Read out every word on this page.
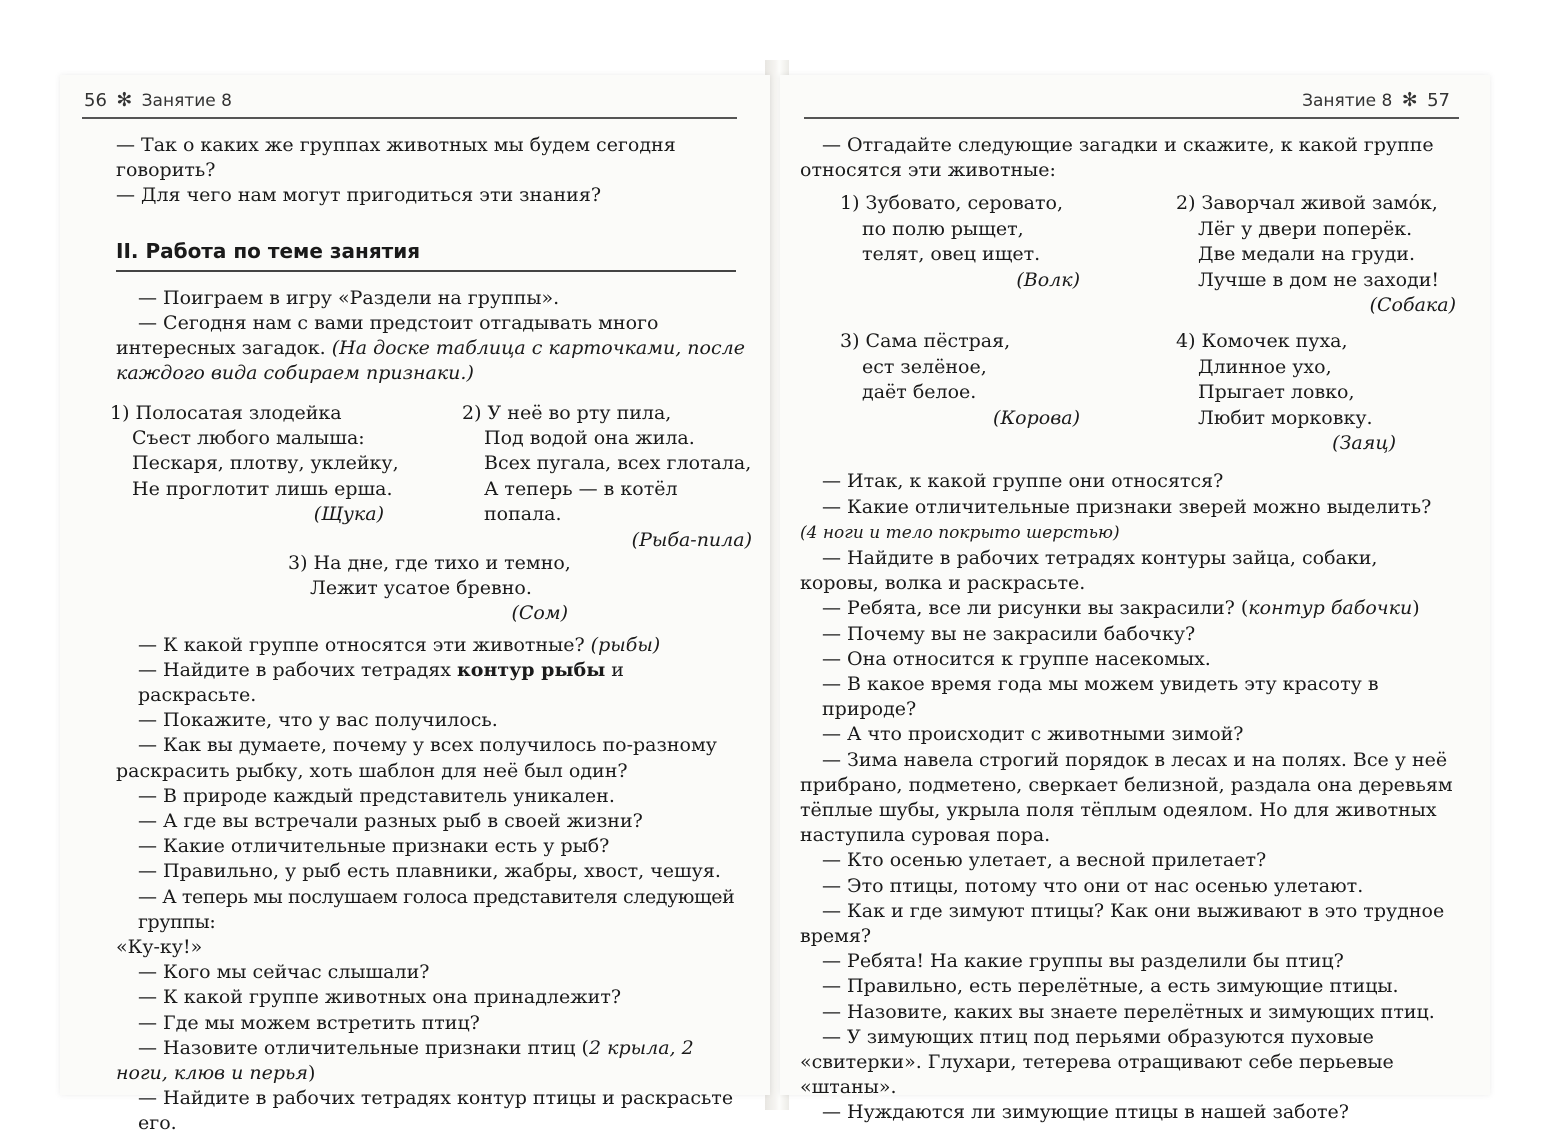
56 ✻ Занятие 8

— Так о каких же группах животных мы будем сегодня говорить?

— Для чего нам могут пригодиться эти знания?

II. Работа по теме занятия

— Поиграем в игру «Раздели на группы».

— Сегодня нам с вами предстоит отгадывать много интересных загадок. (На доске таблица с карточками, после каждого вида собираем признаки.)

1) Полосатая злодейка
Съест любого малыша:
Пескаря, плотву, уклейку,
Не проглотит лишь ерша.
(Щука)
2) У неё во рту пила,
Под водой она жила.
Всех пугала, всех глотала,
А теперь — в котёл попала.
(Рыба-пила)
3) На дне, где тихо и темно,
Лежит усатое бревно.
(Сом)

— К какой группе относятся эти животные? (рыбы)

— Найдите в рабочих тетрадях контур рыбы и раскрасьте.

— Покажите, что у вас получилось.

— Как вы думаете, почему у всех получилось по-разному раскрасить рыбку, хоть шаблон для неё был один?

— В природе каждый представитель уникален.

— А где вы встречали разных рыб в своей жизни?

— Какие отличительные признаки есть у рыб?

— Правильно, у рыб есть плавники, жабры, хвост, чешуя.

— А теперь мы послушаем голоса представителя следующей группы:

«Ку-ку!»

— Кого мы сейчас слышали?

— К какой группе животных она принадлежит?

— Где мы можем встретить птиц?

— Назовите отличительные признаки птиц (2 крыла, 2 ноги, клюв и перья)

— Найдите в рабочих тетрадях контур птицы и раскрасьте его.

Занятие 8 ✻ 57

— Отгадайте следующие загадки и скажите, к какой группе относятся эти животные:

1) Зубовато, серовато,
по полю рыщет,
телят, овец ищет.
(Волк)
2) Заворчал живой замо́к,
Лёг у двери поперёк.
Две медали на груди.
Лучше в дом не заходи!
(Собака)
3) Сама пёстрая,
ест зелёное,
даёт белое.
(Корова)
4) Комочек пуха,
Длинное ухо,
Прыгает ловко,
Любит морковку.
(Заяц)

— Итак, к какой группе они относятся?

— Какие отличительные признаки зверей можно выделить?

(4 ноги и тело покрыто шерстью)

— Найдите в рабочих тетрадях контуры зайца, собаки, коровы, волка и раскрасьте.

— Ребята, все ли рисунки вы закрасили? (контур бабочки)

— Почему вы не закрасили бабочку?

— Она относится к группе насекомых.

— В какое время года мы можем увидеть эту красоту в природе?

— А что происходит с животными зимой?

— Зима навела строгий порядок в лесах и на полях. Все у неё прибрано, подметено, сверкает белизной, раздала она деревьям тёплые шубы, укрыла поля тёплым одеялом. Но для животных наступила суровая пора.

— Кто осенью улетает, а весной прилетает?

— Это птицы, потому что они от нас осенью улетают.

— Как и где зимуют птицы? Как они выживают в это трудное время?

— Ребята! На какие группы вы разделили бы птиц?

— Правильно, есть перелётные, а есть зимующие птицы.

— Назовите, каких вы знаете перелётных и зимующих птиц.

— У зимующих птиц под перьями образуются пуховые «свитерки». Глухари, тетерева отращивают себе перьевые «штаны».

— Нуждаются ли зимующие птицы в нашей заботе?
